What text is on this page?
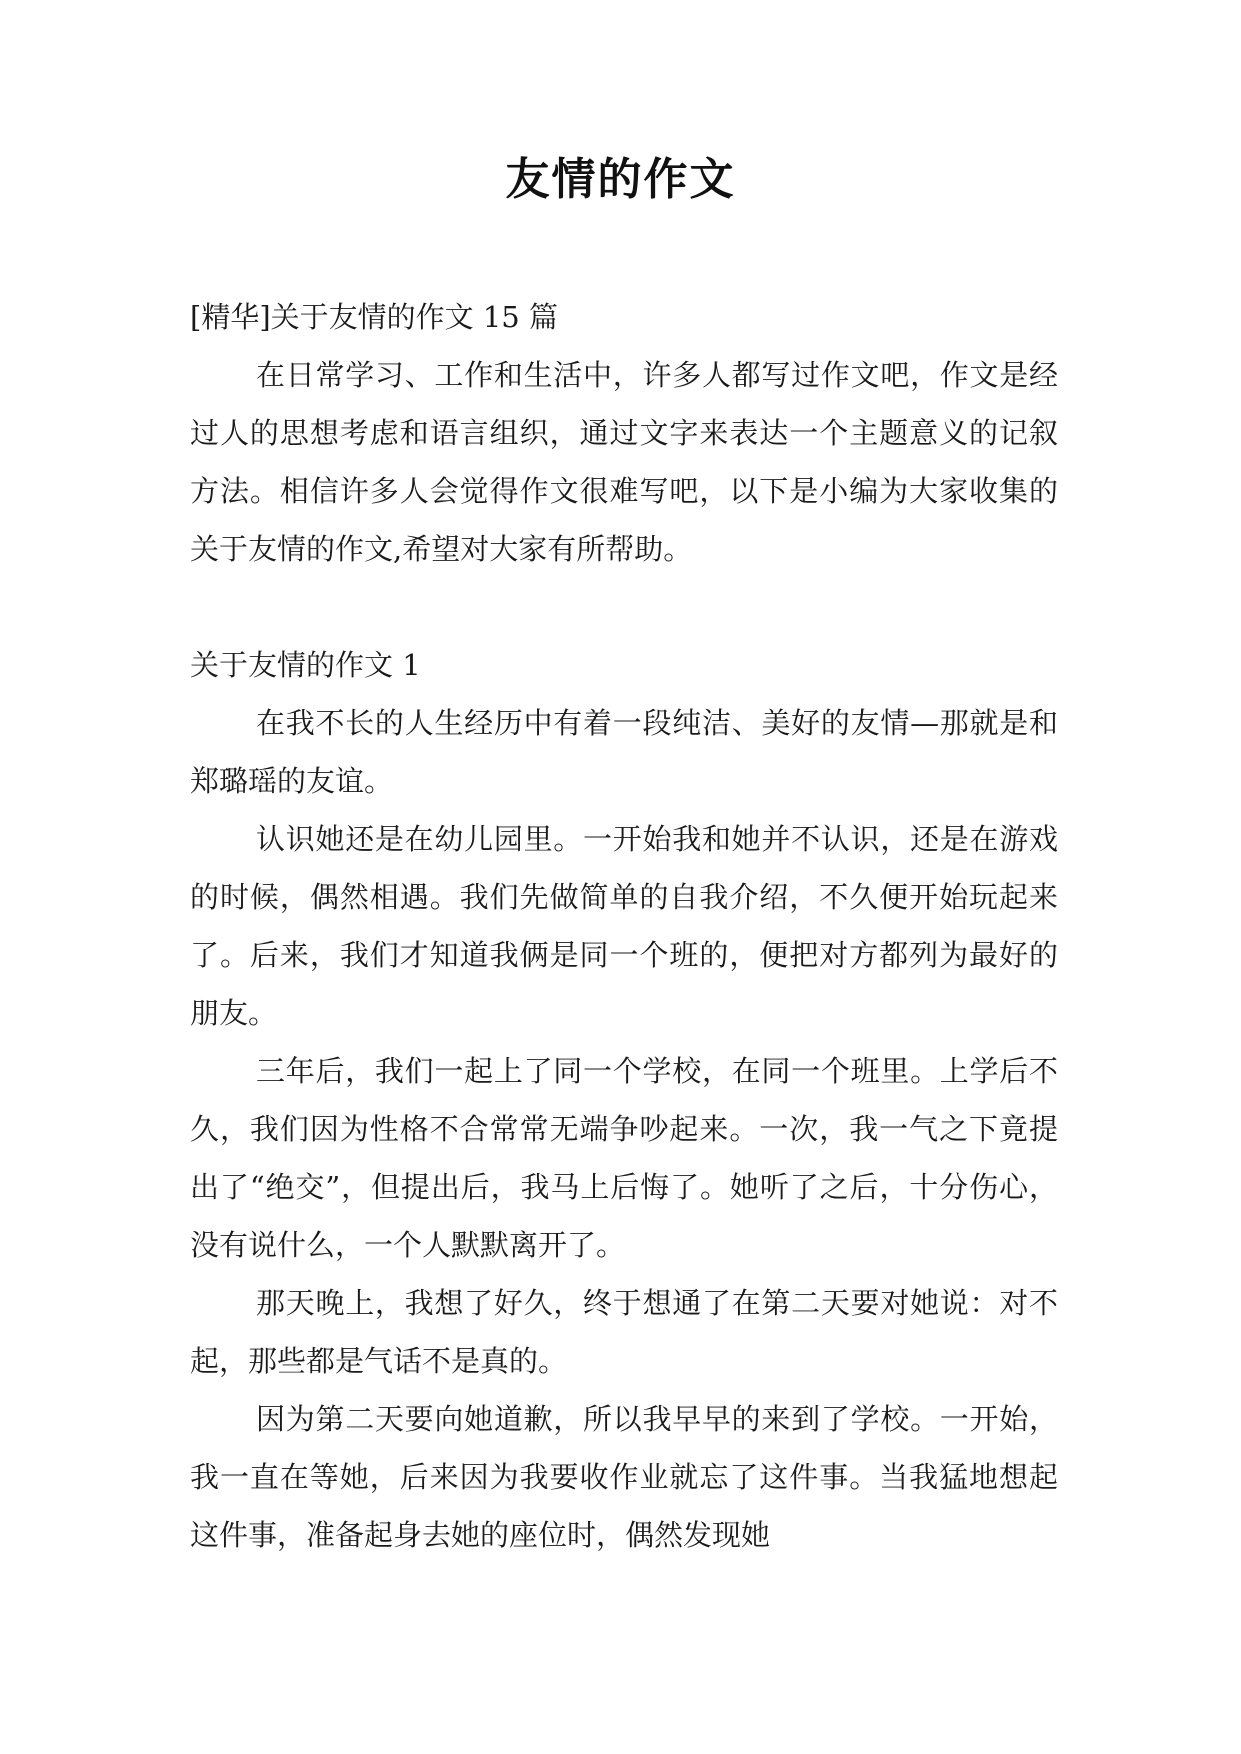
友情的作文

[精华]关于友情的作文 15 篇

在日常学习、工作和生活中，许多人都写过作文吧，作文是经过人的思想考虑和语言组织，通过文字来表达一个主题意义的记叙方法。相信许多人会觉得作文很难写吧，以下是小编为大家收集的关于友情的作文,希望对大家有所帮助。

关于友情的作文 1

在我不长的人生经历中有着一段纯洁、美好的友情—那就是和郑璐瑶的友谊。

认识她还是在幼儿园里。一开始我和她并不认识，还是在游戏的时候，偶然相遇。我们先做简单的自我介绍，不久便开始玩起来了。后来，我们才知道我俩是同一个班的，便把对方都列为最好的朋友。

三年后，我们一起上了同一个学校，在同一个班里。上学后不久，我们因为性格不合常常无端争吵起来。一次，我一气之下竟提出了“绝交”，但提出后，我马上后悔了。她听了之后，十分伤心，没有说什么，一个人默默离开了。

那天晚上，我想了好久，终于想通了在第二天要对她说：对不起，那些都是气话不是真的。

因为第二天要向她道歉，所以我早早的来到了学校。一开始，我一直在等她，后来因为我要收作业就忘了这件事。当我猛地想起这件事，准备起身去她的座位时，偶然发现她
